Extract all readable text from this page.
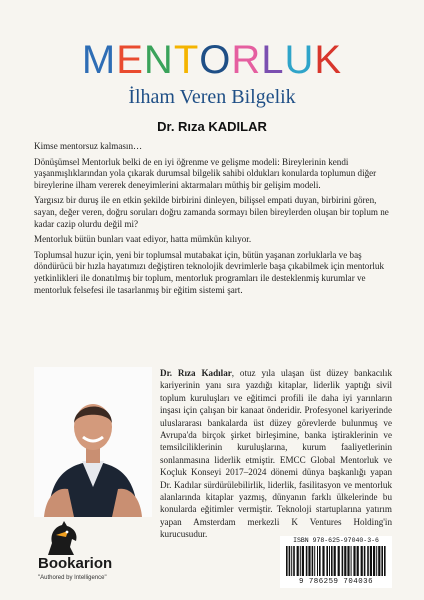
MENTORLUK
İlham Veren Bilgelik
Dr. Rıza KADILAR

Kimse mentorsuz kalmasın…

Dönüşümsel Mentorluk belki de en iyi öğrenme ve gelişme modeli: Bireylerinin kendi yaşanmışlıklarından yola çıkarak durumsal bilgelik sahibi oldukları konularda toplumun diğer bireylerine ilham vererek deneyimlerini aktarmaları müthiş bir gelişim modeli.

Yargısız bir duruş ile en etkin şekilde birbirini dinleyen, bilişsel empati duyan, birbirini gören, sayan, değer veren, doğru soruları doğru zamanda sormayı bilen bireylerden oluşan bir toplum ne kadar cazip olurdu değil mi?

Mentorluk bütün bunları vaat ediyor, hatta mümkün kılıyor.

Toplumsal huzur için, yeni bir toplumsal mutabakat için, bütün yaşanan zorluklarla ve baş döndürücü bir hızla hayatımızı değiştiren teknolojik devrimlerle başa çıkabilmek için mentorluk yetkinlikleri ile donatılmış bir toplum, mentorluk programları ile desteklenmiş kurumlar ve mentorluk felsefesi ile tasarlanmış bir eğitim sistemi şart.

Dr. Rıza Kadılar, otuz yıla ulaşan üst düzey bankacılık kariyerinin yanı sıra yazdığı kitaplar, liderlik yaptığı sivil toplum kuruluşları ve eğitimci profili ile daha iyi yarınların inşası için çalışan bir kanaat önderidir. Profesyonel kariyerinde uluslararası bankalarda üst düzey görevlerde bulunmuş ve Avrupa'da birçok şirket birleşimine, banka iştiraklerinin ve temsilciliklerinin kuruluşlarına, kurum faaliyetlerinin sonlanmasına liderlik etmiştir. EMCC Global Mentorluk ve Koçluk Konseyi 2017–2024 dönemi dünya başkanlığı yapan Dr. Kadılar sürdürülebilirlik, liderlik, fasilitasyon ve mentorluk alanlarında kitaplar yazmış, dünyanın farklı ülkelerinde bu konularda eğitimler vermiştir. Teknoloji startuplarına yatırım yapan Amsterdam merkezli K Ventures Holding'in kurucusudur.
Bookarion
"Authored by Intelligence"
ISBN 978-625-97040-3-6
9 786259 704036
